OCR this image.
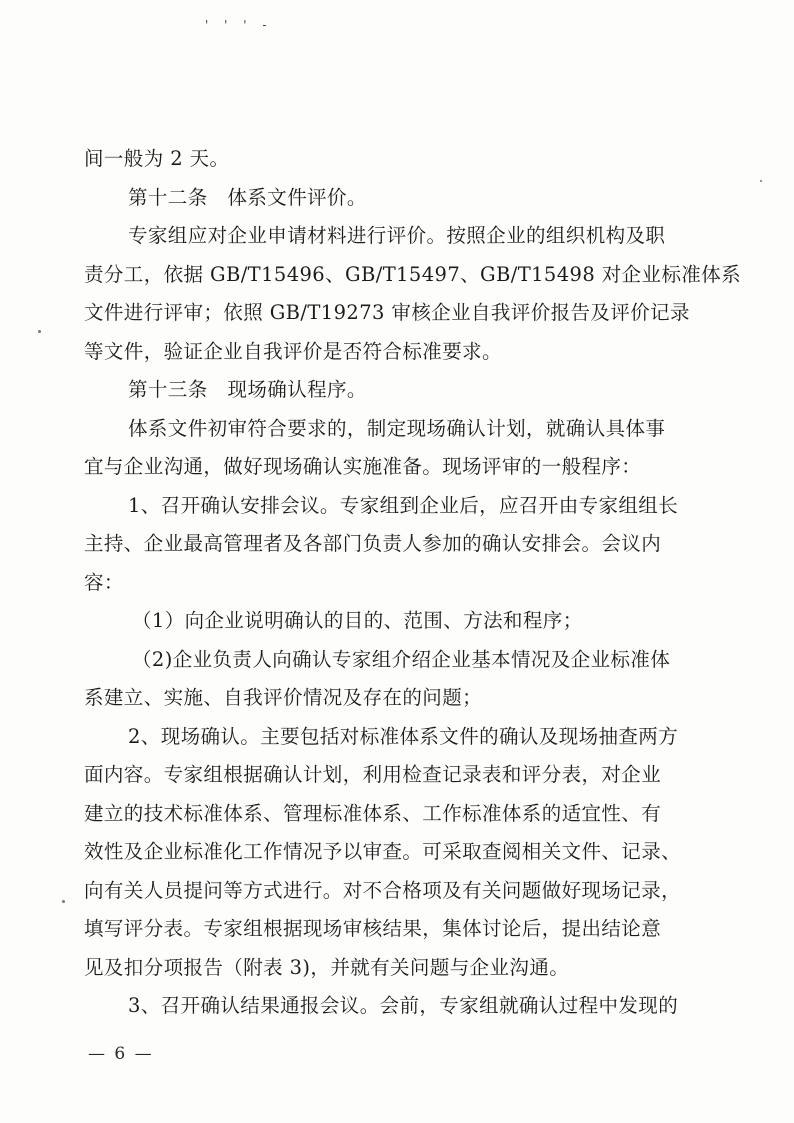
' ' ' -
间一般为 2 天。
第十二条　体系文件评价。
专家组应对企业申请材料进行评价。按照企业的组织机构及职
责分工，依据 GB/T15496、GB/T15497、GB/T15498 对企业标准体系
文件进行评审；依照 GB/T19273 审核企业自我评价报告及评价记录
等文件，验证企业自我评价是否符合标准要求。
第十三条　现场确认程序。
体系文件初审符合要求的，制定现场确认计划，就确认具体事
宜与企业沟通，做好现场确认实施准备。现场评审的一般程序：
1、召开确认安排会议。专家组到企业后，应召开由专家组组长
主持、企业最高管理者及各部门负责人参加的确认安排会。会议内
容：
（1）向企业说明确认的目的、范围、方法和程序；
（2)企业负责人向确认专家组介绍企业基本情况及企业标准体
系建立、实施、自我评价情况及存在的问题；
2、现场确认。主要包括对标准体系文件的确认及现场抽查两方
面内容。专家组根据确认计划，利用检查记录表和评分表，对企业
建立的技术标准体系、管理标准体系、工作标准体系的适宜性、有
效性及企业标准化工作情况予以审查。可采取查阅相关文件、记录、
向有关人员提问等方式进行。对不合格项及有关问题做好现场记录，
填写评分表。专家组根据现场审核结果，集体讨论后，提出结论意
见及扣分项报告（附表 3)，并就有关问题与企业沟通。
3、召开确认结果通报会议。会前，专家组就确认过程中发现的
— 6 —
